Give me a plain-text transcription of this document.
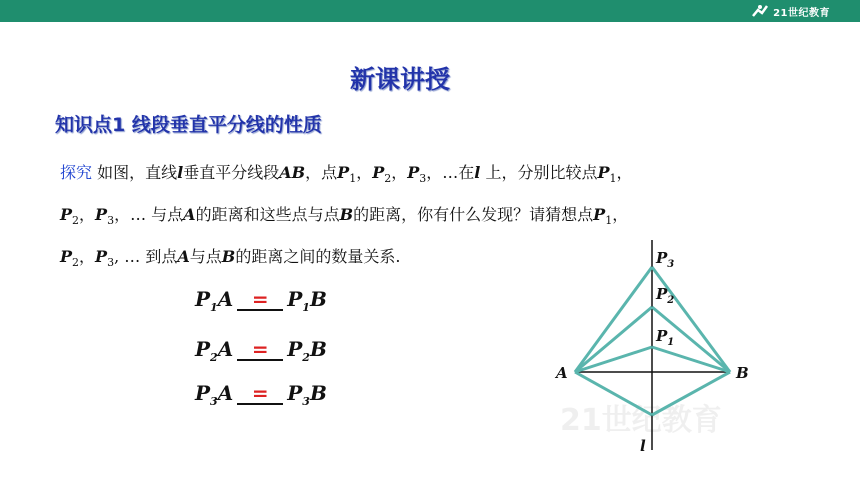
21世纪教育
新课讲授
知识点1 线段垂直平分线的性质
探究 如图，直线l垂直平分线段AB，点$P_1$，$P_2$，$P_3$，…在l 上，分别比较点$P_1$，
$P_2$，$P_3$，… 与点A的距离和这些点与点B的距离，你有什么发现？请猜想点$P_1$，
$P_2$，$P_3$, … 到点A与点B的距离之间的数量关系.
$P_1A = P_1B$
$P_2A = P_2B$
$P_3A = P_3B$
21世纪教育
$P_3$
$P_2$
$P_1$
A	B
l
